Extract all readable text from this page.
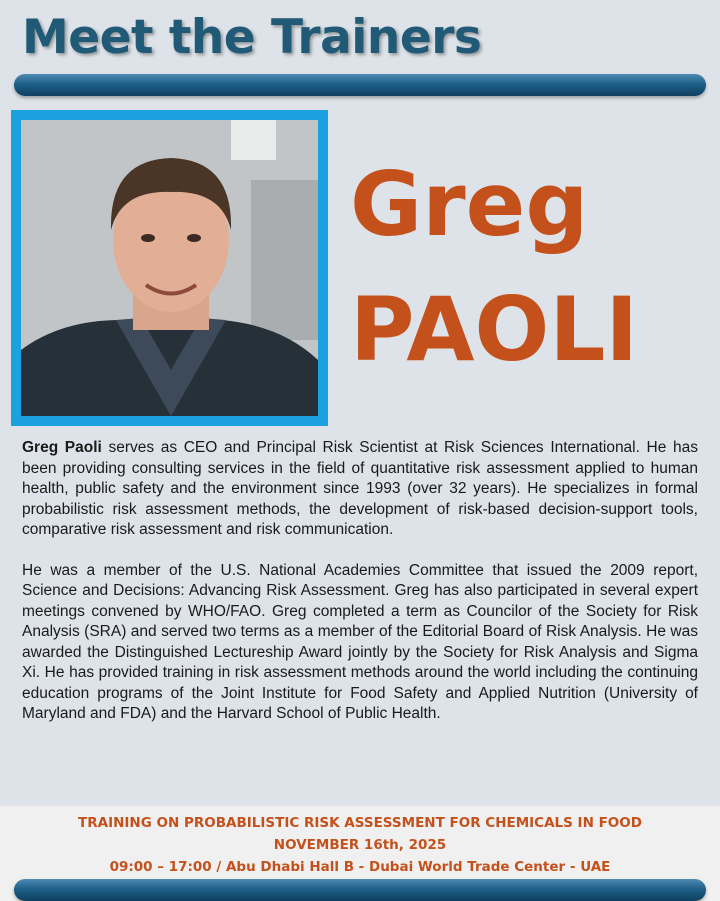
Meet the Trainers
Greg
PAOLI

Greg Paoli serves as CEO and Principal Risk Scientist at Risk Sciences International. He has been providing consulting services in the field of quantitative risk assessment applied to human health, public safety and the environment since 1993 (over 32 years). He specializes in formal probabilistic risk assessment methods, the development of risk-based decision-support tools, comparative risk assessment and risk communication.

He was a member of the U.S. National Academies Committee that issued the 2009 report, Science and Decisions: Advancing Risk Assessment. Greg has also participated in several expert meetings convened by WHO/FAO. Greg completed a term as Councilor of the Society for Risk Analysis (SRA) and served two terms as a member of the Editorial Board of Risk Analysis. He was awarded the Distinguished Lectureship Award jointly by the Society for Risk Analysis and Sigma Xi. He has provided training in risk assessment methods around the world including the continuing education programs of the Joint Institute for Food Safety and Applied Nutrition (University of Maryland and FDA) and the Harvard School of Public Health.

TRAINING ON PROBABILISTIC RISK ASSESSMENT FOR CHEMICALS IN FOOD
NOVEMBER 16th, 2025
09:00 – 17:00 / Abu Dhabi Hall B - Dubai World Trade Center - UAE
